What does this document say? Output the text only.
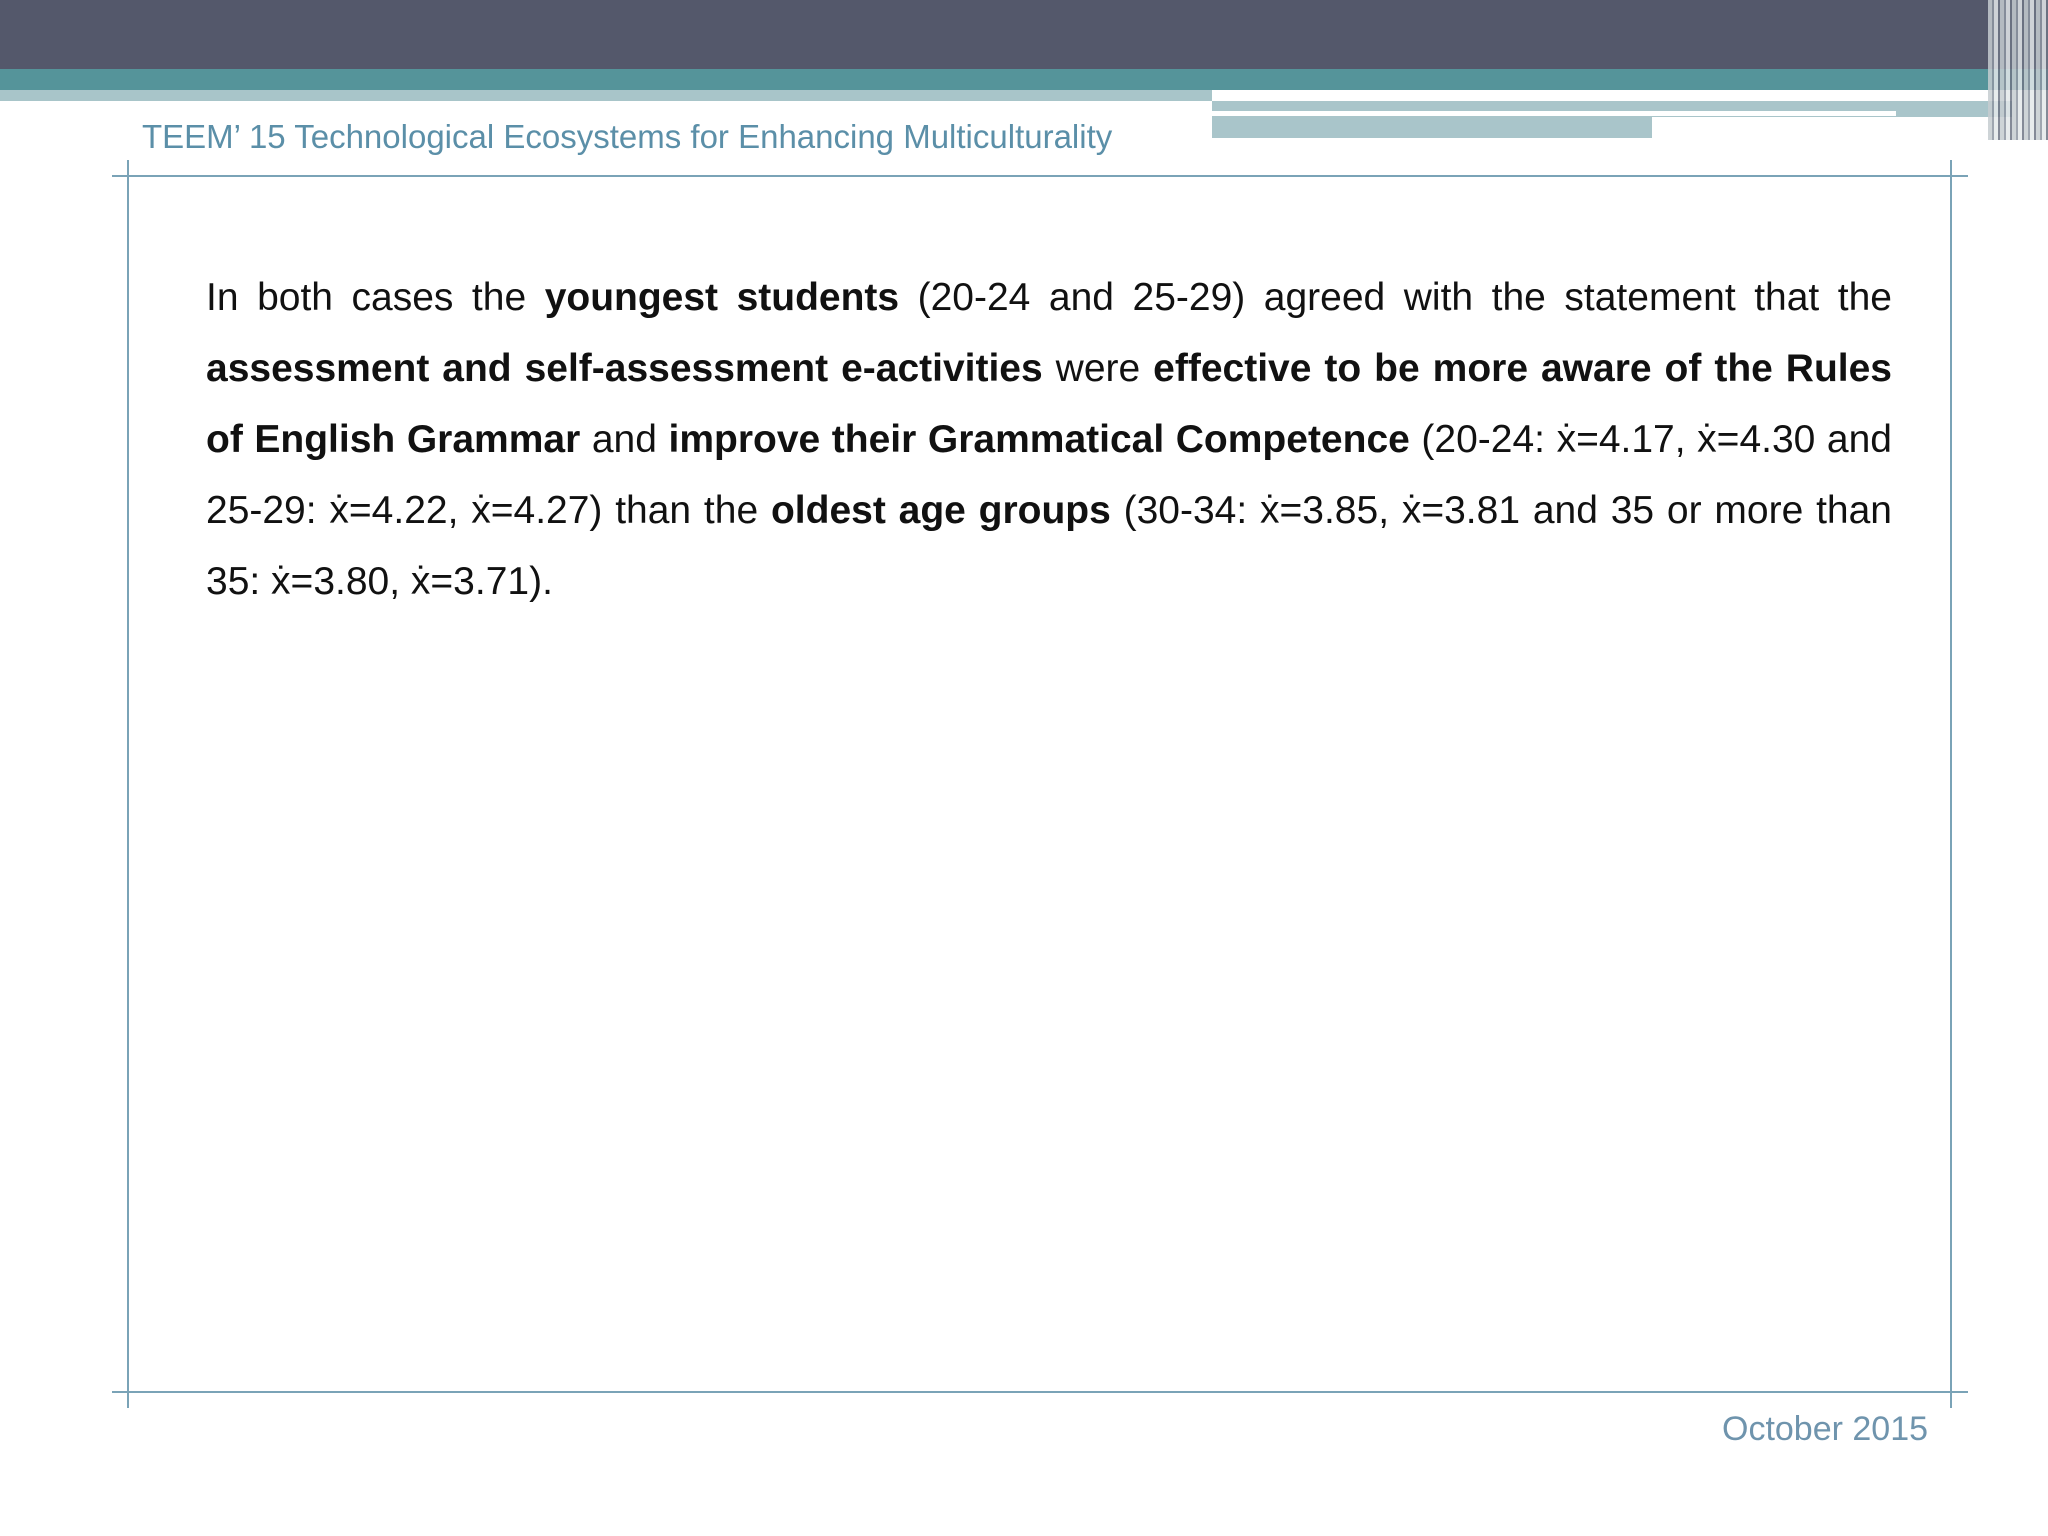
TEEM’ 15 Technological Ecosystems for Enhancing Multiculturality

In both cases the youngest students (20-24 and 25-29) agreed with the statement that the assessment and self-assessment e-activities were effective to be more aware of the Rules of English Grammar and improve their Grammatical Competence (20-24: ẋ=4.17, ẋ=4.30 and 25-29: ẋ=4.22, ẋ=4.27) than the oldest age groups (30-34: ẋ=3.85, ẋ=3.81 and 35 or more than 35: ẋ=3.80, ẋ=3.71).

October 2015
